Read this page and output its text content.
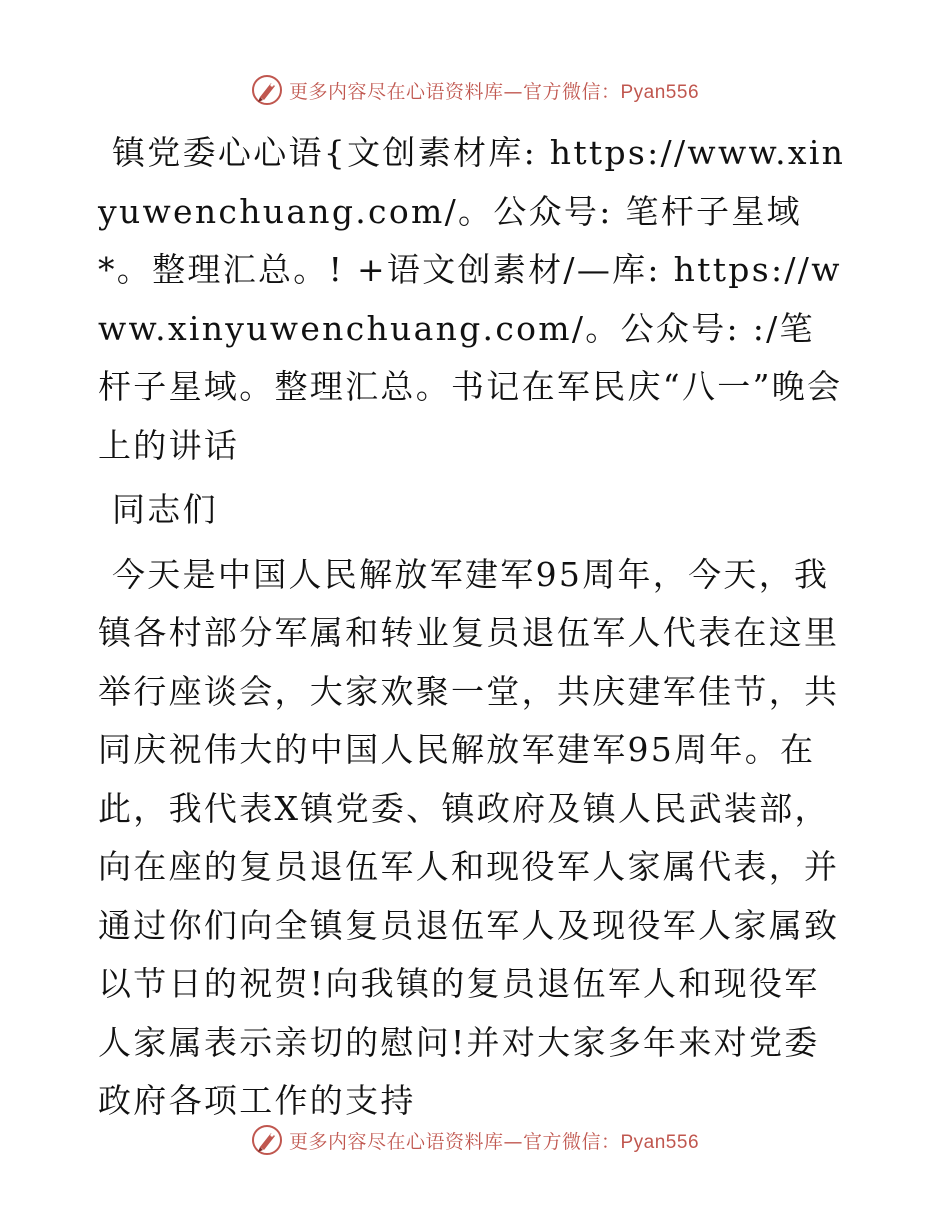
更多内容尽在心语资料库—官方微信：Pyan556

镇党委心心语{文创素材库: https://www.xinyuwenchuang.com/。公众号: 笔杆子星域*。整理汇总。! +语文创素材/—库: https://www.xinyuwenchuang.com/。公众号: :/笔杆子星域。整理汇总。书记在军民庆“八一”晚会上的讲话

同志们

今天是中国人民解放军建军95周年，今天，我镇各村部分军属和转业复员退伍军人代表在这里举行座谈会，大家欢聚一堂，共庆建军佳节，共同庆祝伟大的中国人民解放军建军95周年。在此，我代表X镇党委、镇政府及镇人民武装部，向在座的复员退伍军人和现役军人家属代表，并通过你们向全镇复员退伍军人及现役军人家属致以节日的祝贺!向我镇的复员退伍军人和现役军人家属表示亲切的慰问!并对大家多年来对党委政府各项工作的支持

更多内容尽在心语资料库—官方微信：Pyan556
